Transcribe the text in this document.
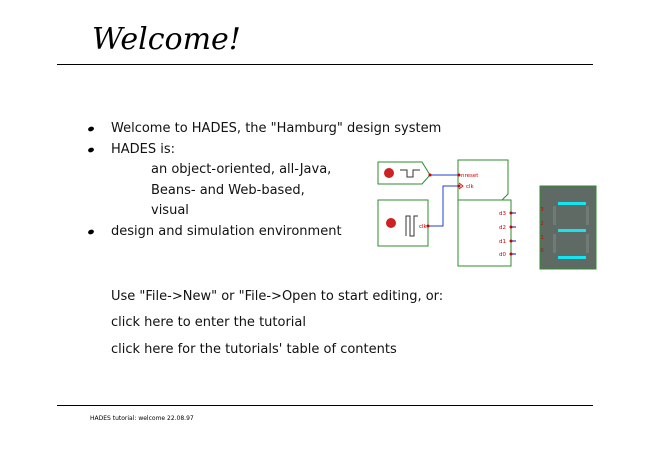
Welcome!
Welcome to HADES, the "Hamburg" design system
HADES is:
an object-oriented, all-Java,
Beans- and Web-based,
visual
design and simulation environment
nreset
clk
clk
d3
d2
d1
d0
3
2
1
0
Use "File->New" or "File->Open to start editing, or:
click here to enter the tutorial
click here for the tutorials' table of contents
HADES tutorial: welcome 22.08.97
